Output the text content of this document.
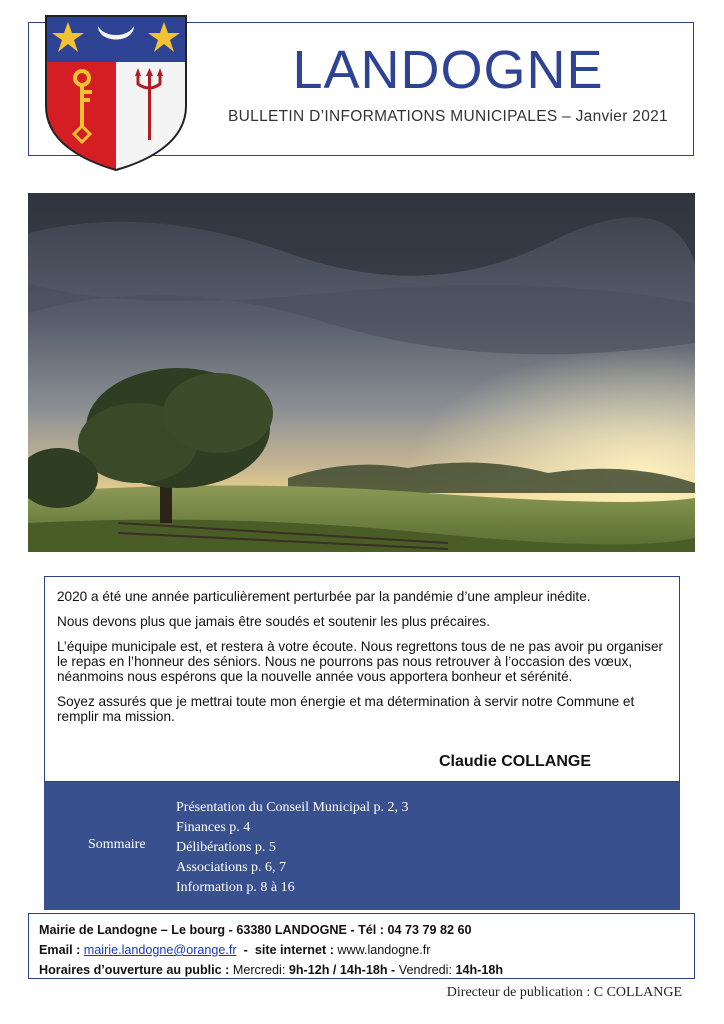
LANDOGNE
BULLETIN D’INFORMATIONS MUNICIPALES – Janvier 2021

2020 a été une année particulièrement perturbée par la pandémie d’une ampleur inédite.

Nous devons plus que jamais être soudés et soutenir les plus précaires.

L’équipe municipale est, et restera à votre écoute. Nous regrettons tous de ne pas avoir pu organiser le repas en l’honneur des séniors. Nous ne pourrons pas nous retrouver à l’occasion des vœux, néanmoins nous espérons que la nouvelle année vous apportera bonheur et sérénité.

Soyez assurés que je mettrai toute mon énergie et ma détermination à servir notre Commune et remplir ma mission.

Claudie COLLANGE
Sommaire
Présentation du Conseil Municipal p. 2, 3
Finances p. 4
Délibérations p. 5
Associations p. 6, 7
Information p. 8 à 16
Mairie de Landogne – Le bourg - 63380 LANDOGNE - Tél : 04 73 79 82 60
Email : mairie.landogne@orange.fr - site internet : www.landogne.fr
Horaires d’ouverture au public : Mercredi: 9h-12h / 14h-18h - Vendredi: 14h-18h
Directeur de publication : C COLLANGE
